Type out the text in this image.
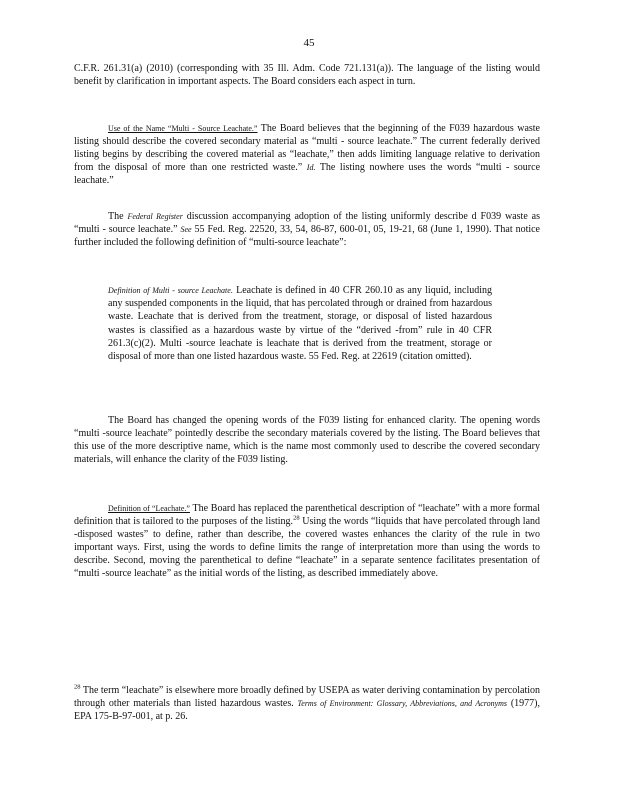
45

C.F.R. 261.31(a) (2010) (corresponding with 35 Ill. Adm. Code 721.131(a)). The language of the listing would benefit by clarification in important aspects. The Board considers each aspect in turn.

Use of the Name “Multi - Source Leachate.” The Board believes that the beginning of the F039 hazardous waste listing should describe the covered secondary material as “multi - source leachate.” The current federally derived listing begins by describing the covered material as “leachate,” then adds limiting language relative to derivation from the disposal of more than one restricted waste.” Id. The listing nowhere uses the words “multi - source leachate.”

The Federal Register discussion accompanying adoption of the listing uniformly describe d F039 waste as “multi - source leachate.” See 55 Fed. Reg. 22520, 33, 54, 86-87, 600-01, 05, 19-21, 68 (June 1, 1990). That notice further included the following definition of “multi-source leachate”:

Definition of Multi - source Leachate. Leachate is defined in 40 CFR 260.10 as any liquid, including any suspended components in the liquid, that has percolated through or drained from hazardous waste. Leachate that is derived from the treatment, storage, or disposal of listed hazardous wastes is classified as a hazardous waste by virtue of the “derived -from” rule in 40 CFR 261.3(c)(2). Multi -source leachate is leachate that is derived from the treatment, storage or disposal of more than one listed hazardous waste. 55 Fed. Reg. at 22619 (citation omitted).

The Board has changed the opening words of the F039 listing for enhanced clarity. The opening words “multi -source leachate” pointedly describe the secondary materials covered by the listing. The Board believes that this use of the more descriptive name, which is the name most commonly used to describe the covered secondary materials, will enhance the clarity of the F039 listing.

Definition of “Leachate.” The Board has replaced the parenthetical description of “leachate” with a more formal definition that is tailored to the purposes of the listing.$^{28}$ Using the words “liquids that have percolated through land -disposed wastes” to define, rather than describe, the covered wastes enhances the clarity of the rule in two important ways. First, using the words to define limits the range of interpretation more than using the words to describe. Second, moving the parenthetical to define “leachate” in a separate sentence facilitates presentation of “multi -source leachate” as the initial words of the listing, as described immediately above.

$^{28}$ The term “leachate” is elsewhere more broadly defined by USEPA as water deriving contamination by percolation through other materials than listed hazardous wastes. Terms of Environment: Glossary, Abbreviations, and Acronyms (1977), EPA 175-B-97-001, at p. 26.
